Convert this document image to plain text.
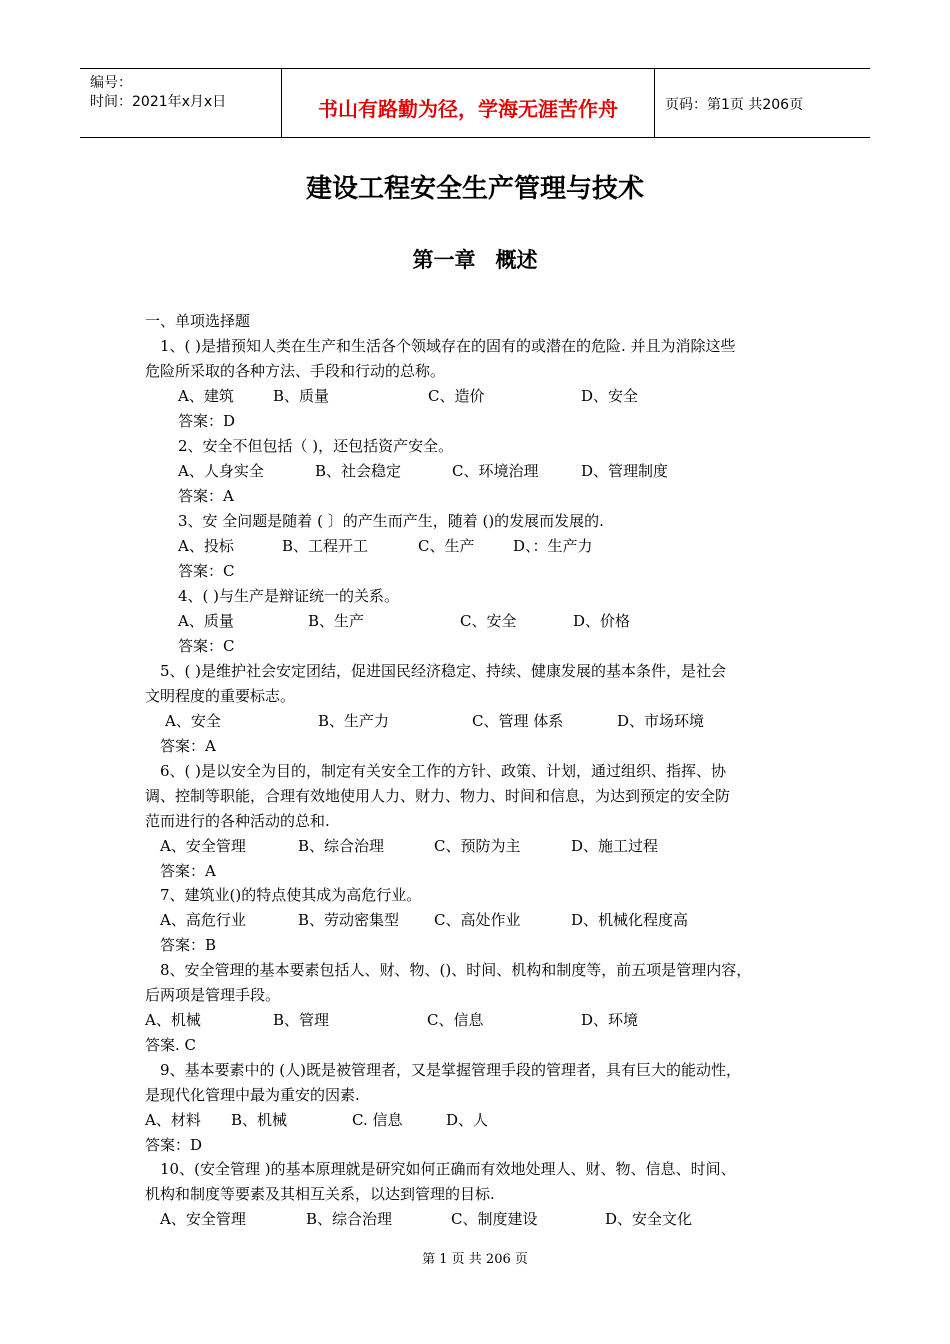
编号：
时间：2021年x月x日	书山有路勤为径，学海无涯苦作舟	页码：第1页 共206页
建设工程安全生产管理与技术
第一章 概述
一、单项选择题
1、( )是措预知人类在生产和生活各个领域存在的固有的或潜在的危险. 并且为消除这些
危险所采取的各种方法、手段和行动的总称。
A、建筑	B、质量	C、造价	D、安全
答案：D
2、安全不但包括（ )，还包括资产安全。
A、人身实全	B、社会稳定	C、环境治理	D、管理制度
答案：A
3、安 全问题是随着 ( 〕的产生而产生，随着 ()的发展而发展的.
A、投标	B、工程开工	C、生产	D、：生产力
答案：C
4、( )与生产是辩证统一的关系。
A、质量	B、生产	C、安全	D、价格
答案：C
5、( )是维护社会安定团结，促进国民经济稳定、持续、健康发展的基本条件，是社会
文明程度的重要标志。
A、安全	B、生产力	C、管理 体系	D、市场环境
答案：A
6、( )是以安全为目的，制定有关安全工作的方针、政策、计划，通过组织、指挥、协
调、控制等职能，合理有效地使用人力、财力、物力、时间和信息，为达到预定的安全防
范而进行的各种活动的总和.
A、安全管理	B、综合治理	C、预防为主	D、施工过程
答案：A
7、建筑业()的特点使其成为高危行业。
A、高危行业	B、劳动密集型 C、高处作业	D、机械化程度高
答案：B
8、安全管理的基本要素包括人、财、物、()、时间、机构和制度等，前五项是管理内容，
后两项是管理手段。
A、机械	B、管理	C、信息	D、环境
答案. C
9、基本要素中的 (人)既是被管理者，又是掌握管理手段的管理者，具有巨大的能动性，
是现代化管理中最为重安的因素.
A、材料 B、机械	C. 信息	D、人
答案：D
10、(安全管理 )的基本原理就是研究如何正确而有效地处理人、财、物、信息、时间、
机构和制度等要素及其相互关系，以达到管理的目标.
A、安全管理	B、综合治理	C、制度建设	D、安全文化
第 1 页 共 206 页
